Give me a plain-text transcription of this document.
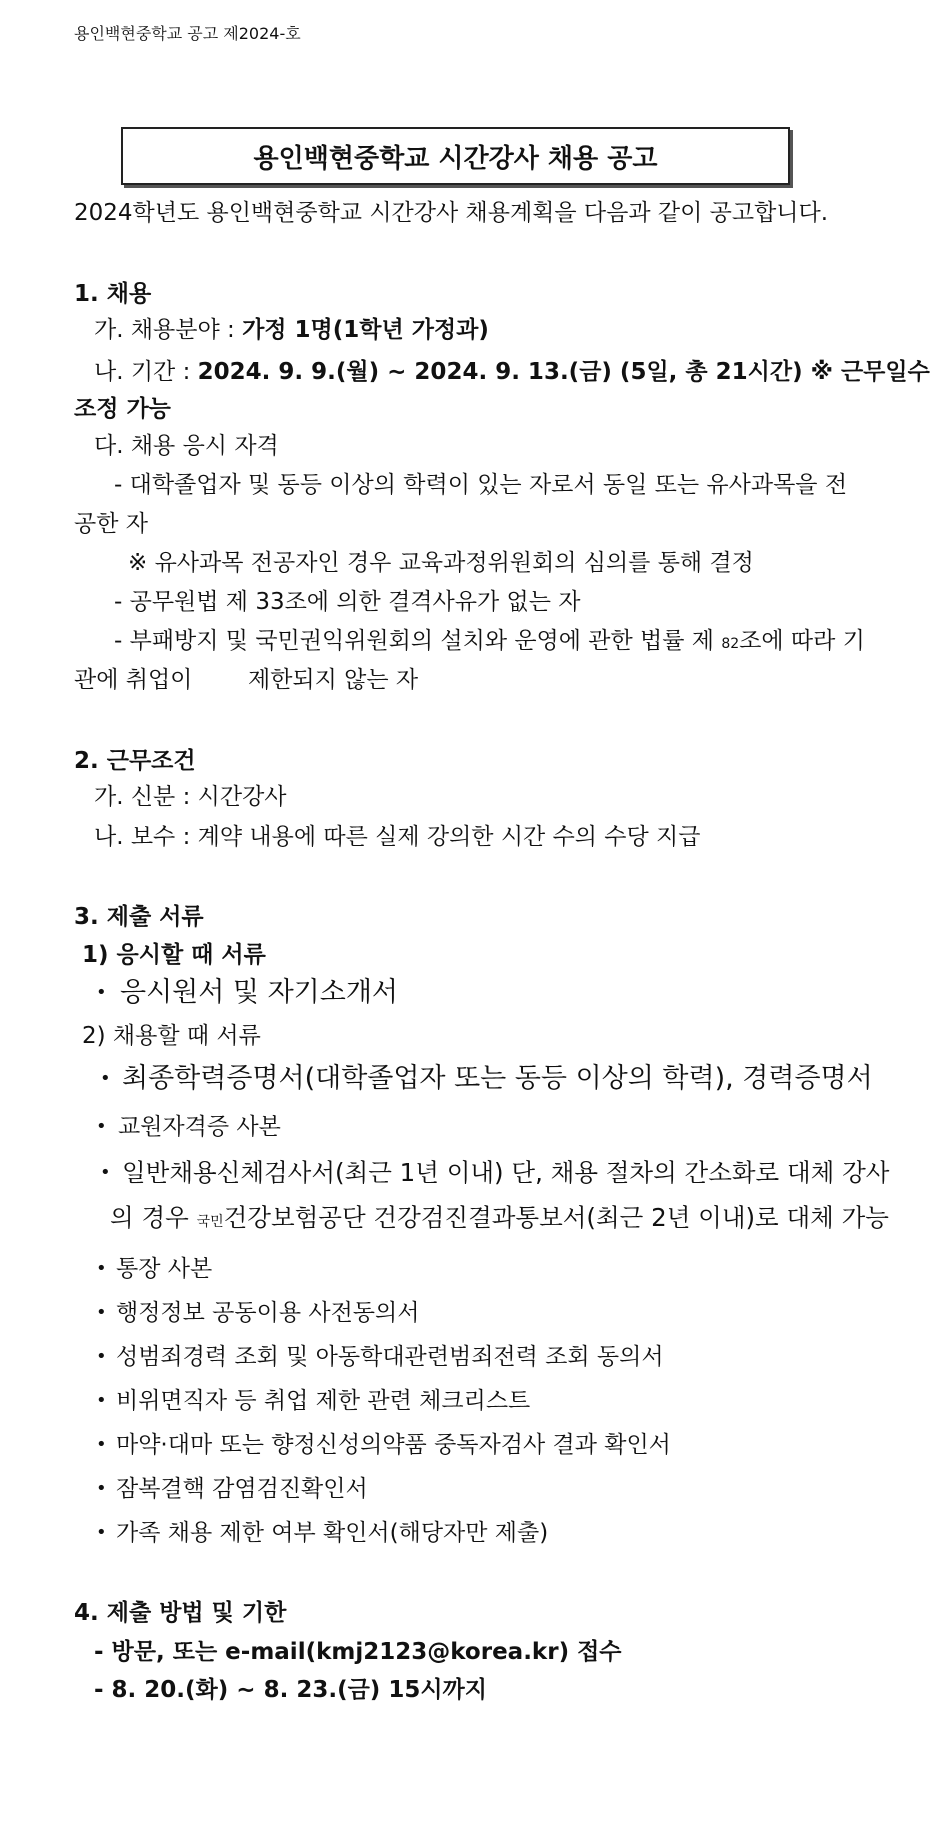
용인백현중학교 공고 제2024-호
용인백현중학교 시간강사 채용 공고
2024학년도 용인백현중학교 시간강사 채용계획을 다음과 같이 공고합니다.
1. 채용
가. 채용분야 : 가정 1명(1학년 가정과)
나. 기간 : 2024. 9. 9.(월) ~ 2024. 9. 13.(금) (5일, 총 21시간) ※ 근무일수
조정 가능
다. 채용 응시 자격
- 대학졸업자 및 동등 이상의 학력이 있는 자로서 동일 또는 유사과목을 전
공한 자
※ 유사과목 전공자인 경우 교육과정위원회의 심의를 통해 결정
- 공무원법 제 33조에 의한 결격사유가 없는 자
- 부패방지 및 국민권익위원회의 설치와 운영에 관한 법률 제 82조에 따라 기
관에 취업이 제한되지 않는 자
2. 근무조건
가. 신분 : 시간강사
나. 보수 : 계약 내용에 따른 실제 강의한 시간 수의 수당 지급
3. 제출 서류
1) 응시할 때 서류
• 응시원서 및 자기소개서
2) 채용할 때 서류
• 최종학력증명서(대학졸업자 또는 동등 이상의 학력), 경력증명서
• 교원자격증 사본
• 일반채용신체검사서(최근 1년 이내) 단, 채용 절차의 간소화로 대체 강사
의 경우 국민건강보험공단 건강검진결과통보서(최근 2년 이내)로 대체 가능
• 통장 사본
• 행정정보 공동이용 사전동의서
• 성범죄경력 조회 및 아동학대관련범죄전력 조회 동의서
• 비위면직자 등 취업 제한 관련 체크리스트
• 마약·대마 또는 향정신성의약품 중독자검사 결과 확인서
• 잠복결핵 감염검진확인서
• 가족 채용 제한 여부 확인서(해당자만 제출)
4. 제출 방법 및 기한
- 방문, 또는 e-mail(kmj2123@korea.kr) 접수
- 8. 20.(화) ~ 8. 23.(금) 15시까지
